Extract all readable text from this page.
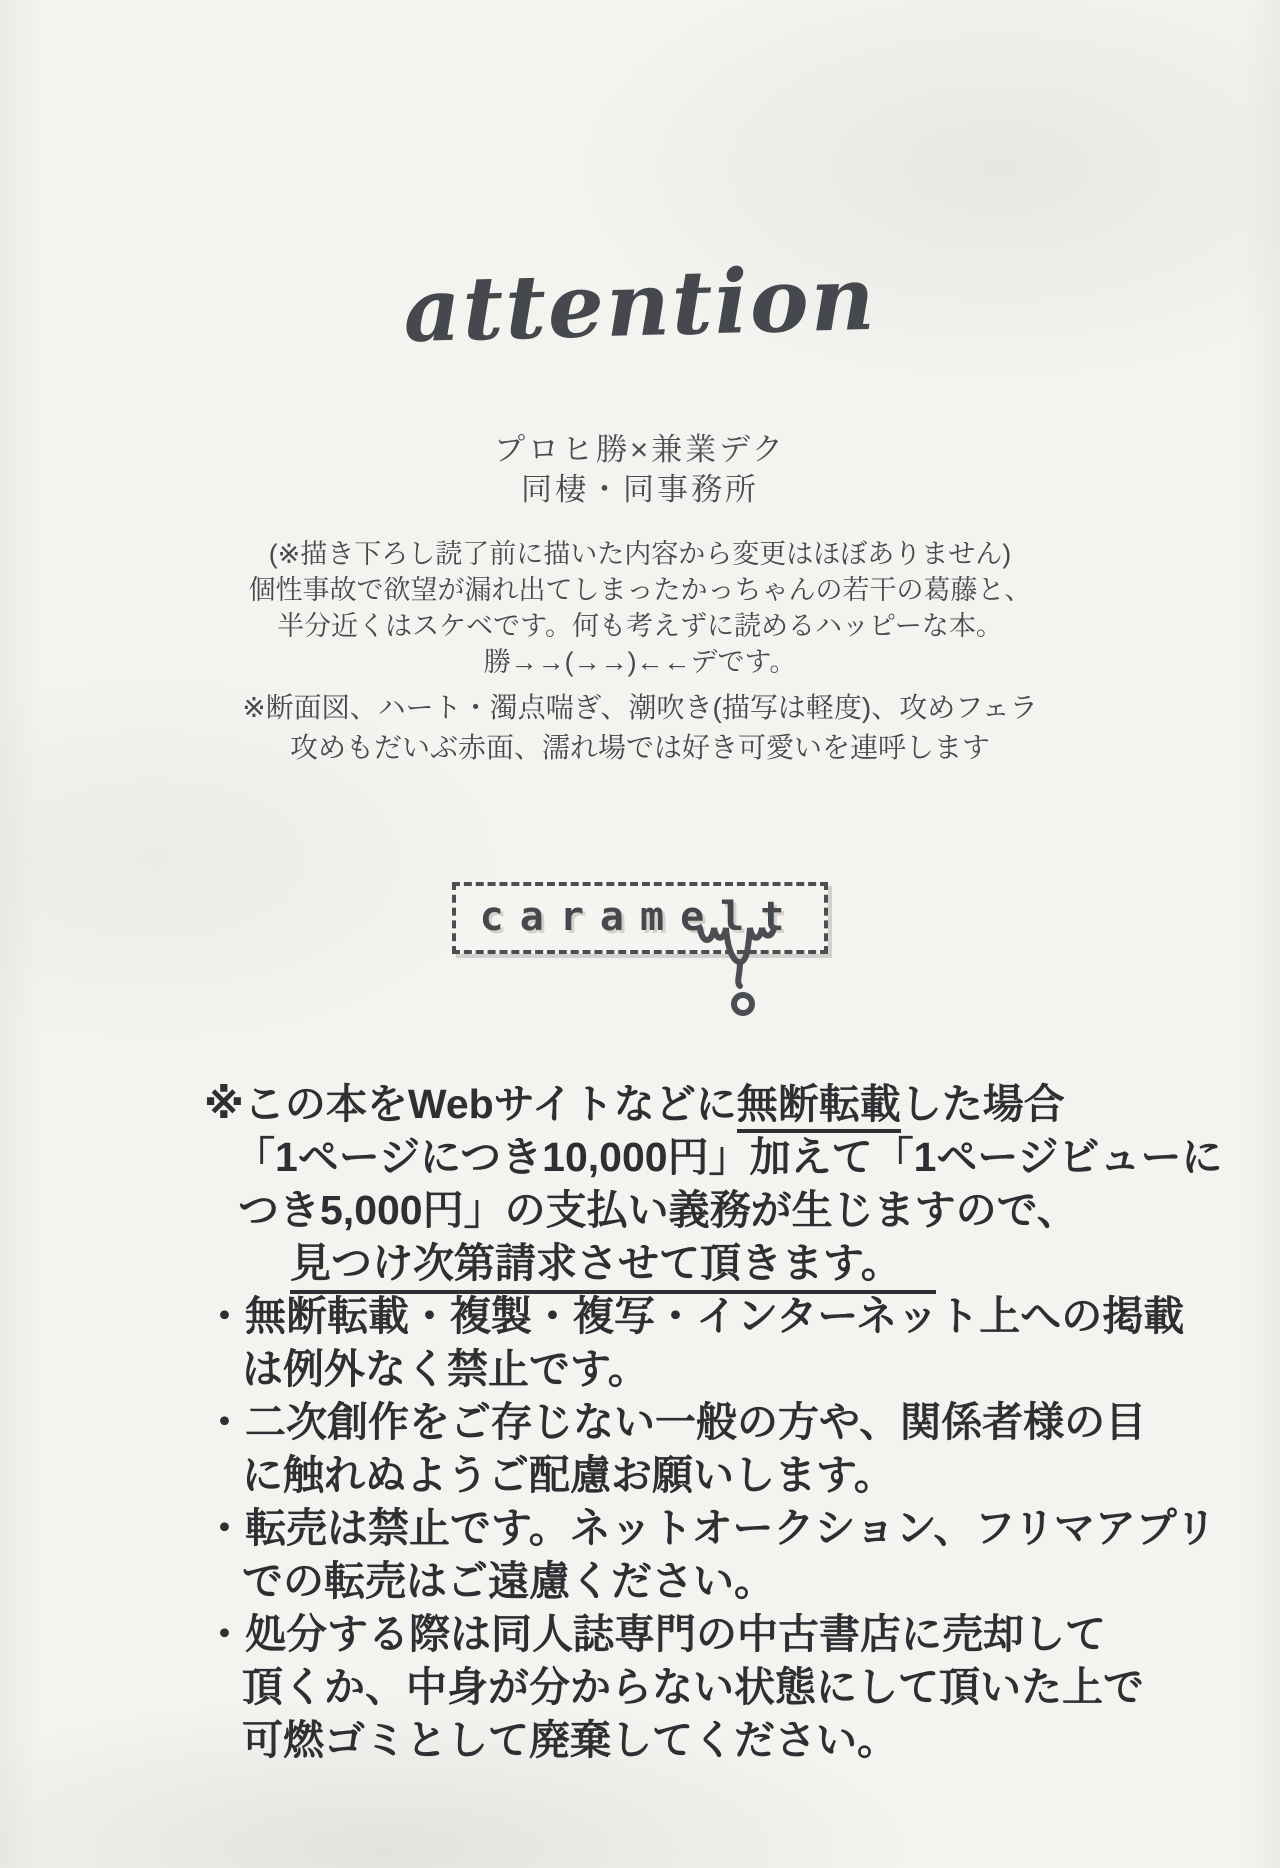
attention
プロヒ勝×兼業デク
同棲・同事務所
(※描き下ろし読了前に描いた内容から変更はほぼありません)
個性事故で欲望が漏れ出てしまったかっちゃんの若干の葛藤と、
半分近くはスケベです。何も考えずに読めるハッピーな本。
勝→→(→→)←←デです。
※断面図、ハート・濁点喘ぎ、潮吹き(描写は軽度)、攻めフェラ
攻めもだいぶ赤面、濡れ場では好き可愛いを連呼します
caramelt
※この本をWebサイトなどに無断転載した場合
「1ページにつき10,000円」加えて「1ページビューに
つき5,000円」の支払い義務が生じますので、
見つけ次第請求させて頂きます。
・無断転載・複製・複写・インターネット上への掲載
は例外なく禁止です。
・二次創作をご存じない一般の方や、関係者様の目
に触れぬようご配慮お願いします。
・転売は禁止です。ネットオークション、フリマアプリ
での転売はご遠慮ください。
・処分する際は同人誌専門の中古書店に売却して
頂くか、中身が分からない状態にして頂いた上で
可燃ゴミとして廃棄してください。
